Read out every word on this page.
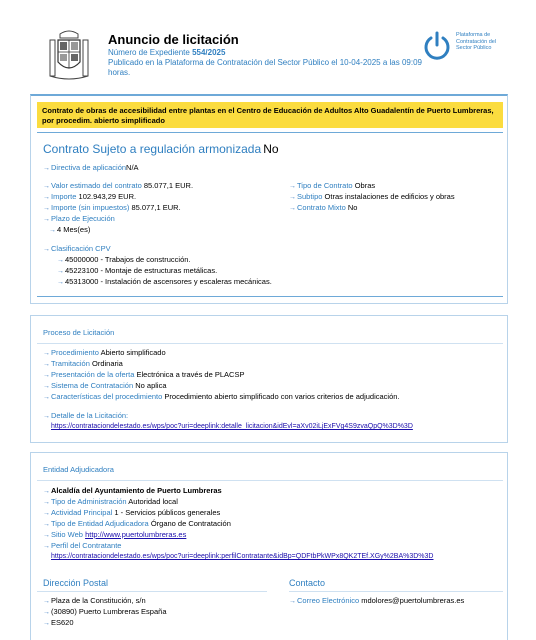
Anuncio de licitación
Número de Expediente 554/2025
Publicado en la Plataforma de Contratación del Sector Público el 10-04-2025 a las 09:09 horas.
Plataforma de Contratación del Sector Público
Contrato de obras de accesibilidad entre plantas en el Centro de Educación de Adultos Alto Guadalentín de Puerto Lumbreras, por procedim. abierto simplificado
Contrato Sujeto a regulación armonizada No
→Directiva de aplicaciónN/A
→Valor estimado del contrato 85.077,1 EUR.
→Importe 102.943,29 EUR.
→Importe (sin impuestos) 85.077,1 EUR.
→Plazo de Ejecución
→4 Mes(es)
→Tipo de Contrato Obras
→Subtipo Otras instalaciones de edificios y obras
→Contrato Mixto No
→Clasificación CPV
→45000000 - Trabajos de construcción.
→45223100 - Montaje de estructuras metálicas.
→45313000 - Instalación de ascensores y escaleras mecánicas.
Proceso de Licitación
→Procedimiento Abierto simplificado
→Tramitación Ordinaria
→Presentación de la oferta Electrónica a través de PLACSP
→Sistema de Contratación No aplica
→Características del procedimiento Procedimiento abierto simplificado con varios criterios de adjudicación.
→Detalle de la Licitación:
https://contrataciondelestado.es/wps/poc?uri=deeplink:detalle_licitacion&idEvl=aXv02iLjExFVg4S9zvaQpQ%3D%3D
Entidad Adjudicadora
→Alcaldía del Ayuntamiento de Puerto Lumbreras
→Tipo de Administración Autoridad local
→Actividad Principal 1 - Servicios públicos generales
→Tipo de Entidad Adjudicadora Órgano de Contratación
→Sitio Web http://www.puertolumbreras.es
→Perfil del Contratante
https://contrataciondelestado.es/wps/poc?uri=deeplink:perfilContratante&idBp=QDFtbPkWPx8QK2TEf.XGy%2BA%3D%3D
Dirección Postal
→Plaza de la Constitución, s/n
→(30890) Puerto Lumbreras España
→ES620
Contacto
→Correo Electrónico mdolores@puertolumbreras.es
